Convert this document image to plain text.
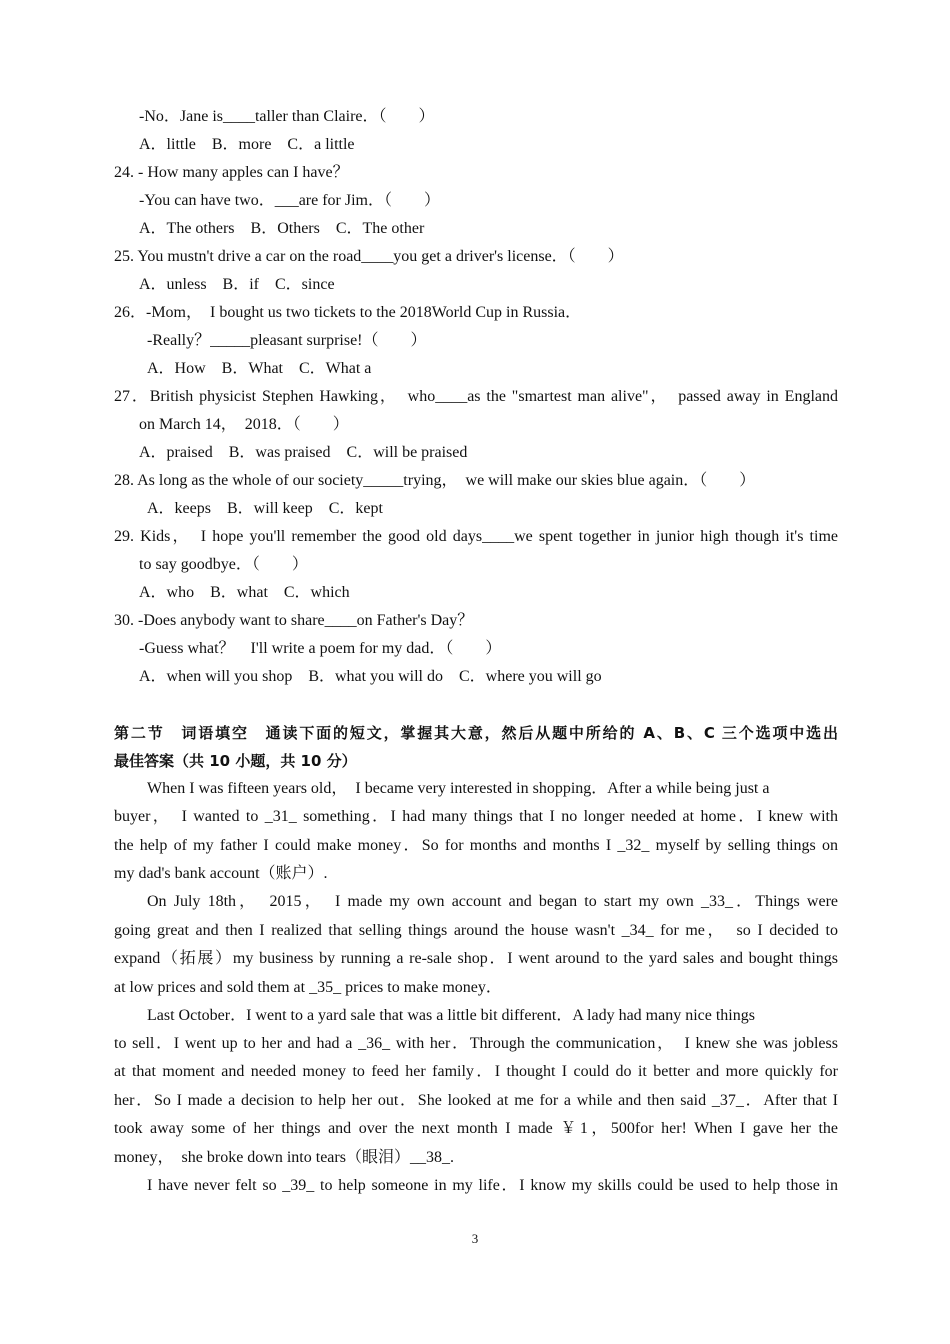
-No．Jane is____taller than Claire．（　　）
A．little　B．more　C．a little
24. - How many apples can I have？
-You can have two．___are for Jim．（　　）
A．The others　B．Others　C．The other
25. You mustn't drive a car on the road____you get a driver's license．（　　）
A．unless　B．if　C．since
26．-Mom，　I bought us two tickets to the 2018World Cup in Russia．
-Really？_____pleasant surprise!（　　）
A．How　B．What　C．What a
27．British physicist Stephen Hawking，　who____as the "smartest man alive"，　passed away in England
on March 14，　2018．（　　）
A．praised　B．was praised　C．will be praised
28. As long as the whole of our society_____trying，　we will make our skies blue again．（　　）
A．keeps　B．will keep　C．kept
29. Kids，　I hope you'll remember the good old days____we spent together in junior high though it's time
to say goodbye．（　　）
A．who　B．what　C．which
30. -Does anybody want to share____on Father's Day？
-Guess what？　I'll write a poem for my dad．（　　）
A．when will you shop　B．what you will do　C．where you will go
第二节　词语填空　通读下面的短文，掌握其大意，然后从题中所给的 A、B、C 三个选项中选出
最佳答案（共 10 小题，共 10 分）
When I was fifteen years old，　I became very interested in shopping．After a while being just a
buyer，　I wanted to _31_ something．I had many things that I no longer needed at home．I knew with
the help of my father I could make money．So for months and months I _32_ myself by selling things on
my dad's bank account（账户）.
On July 18th，　2015，　I made my own account and began to start my own _33_．Things were
going great and then I realized that selling things around the house wasn't _34_ for me，　so I decided to
expand（拓展）my business by running a re-sale shop．I went around to the yard sales and bought things
at low prices and sold them at _35_ prices to make money．
Last October．I went to a yard sale that was a little bit different．A lady had many nice things
to sell．I went up to her and had a _36_ with her．Through the communication，　I knew she was jobless
at that moment and needed money to feed her family．I thought I could do it better and more quickly for
her．So I made a decision to help her out．She looked at me for a while and then said _37_．After that I
took away some of her things and over the next month I made ￥1，500for her! When I gave her the
money，　she broke down into tears（眼泪）__38_.
I have never felt so _39_ to help someone in my life．I know my skills could be used to help those in
3
